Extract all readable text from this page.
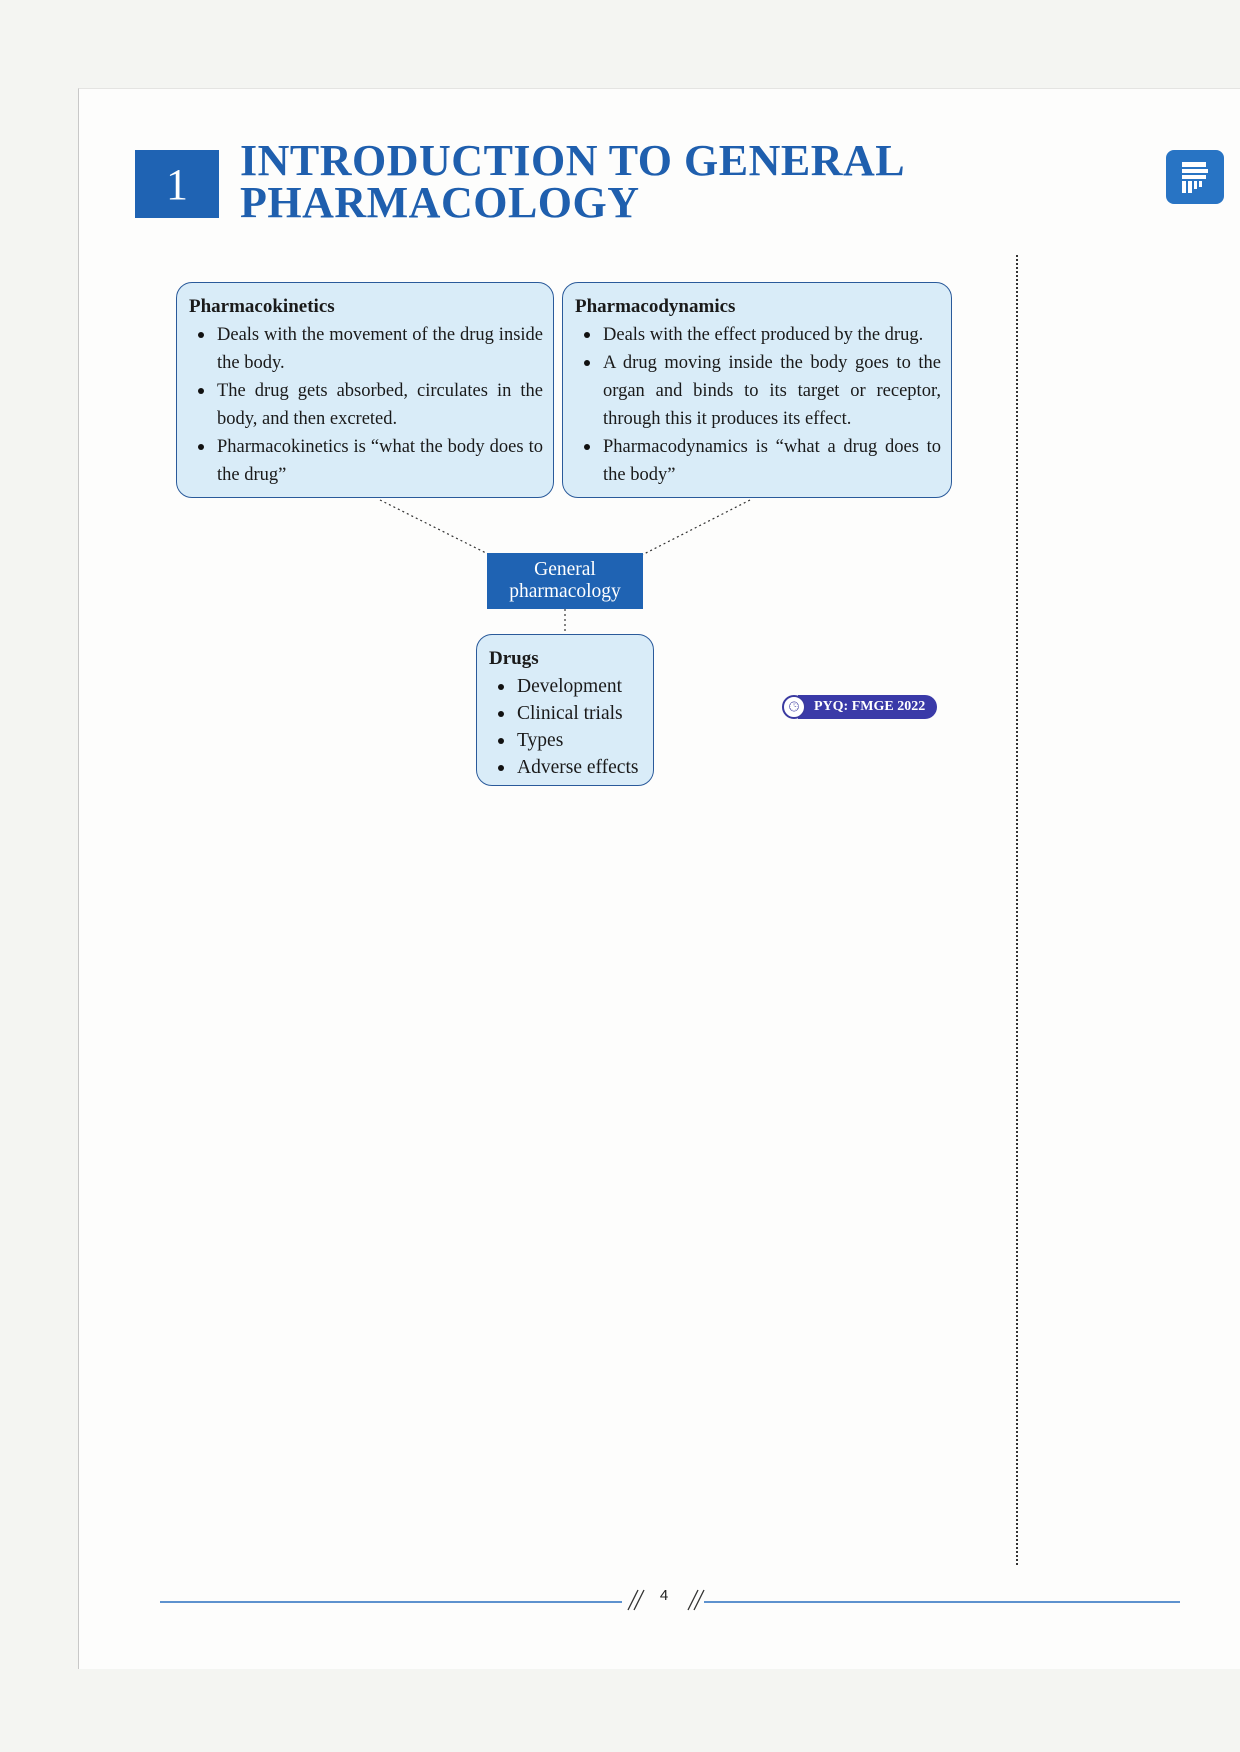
1 INTRODUCTION TO GENERAL
PHARMACOLOGY
Pharmacokinetics
Deals with the movement of the drug inside the body.
The drug gets absorbed, circulates in the body, and then excreted.
Pharmacokinetics is “what the body does to the drug”
Pharmacodynamics
Deals with the effect produced by the drug.
A drug moving inside the body goes to the organ and binds to its target or receptor, through this it produces its effect.
Pharmacodynamics is “what a drug does to the body”
General
pharmacology
Drugs
Development
Clinical trials
Types
Adverse effects
🕒︎	PYQ: FMGE 2022
4
